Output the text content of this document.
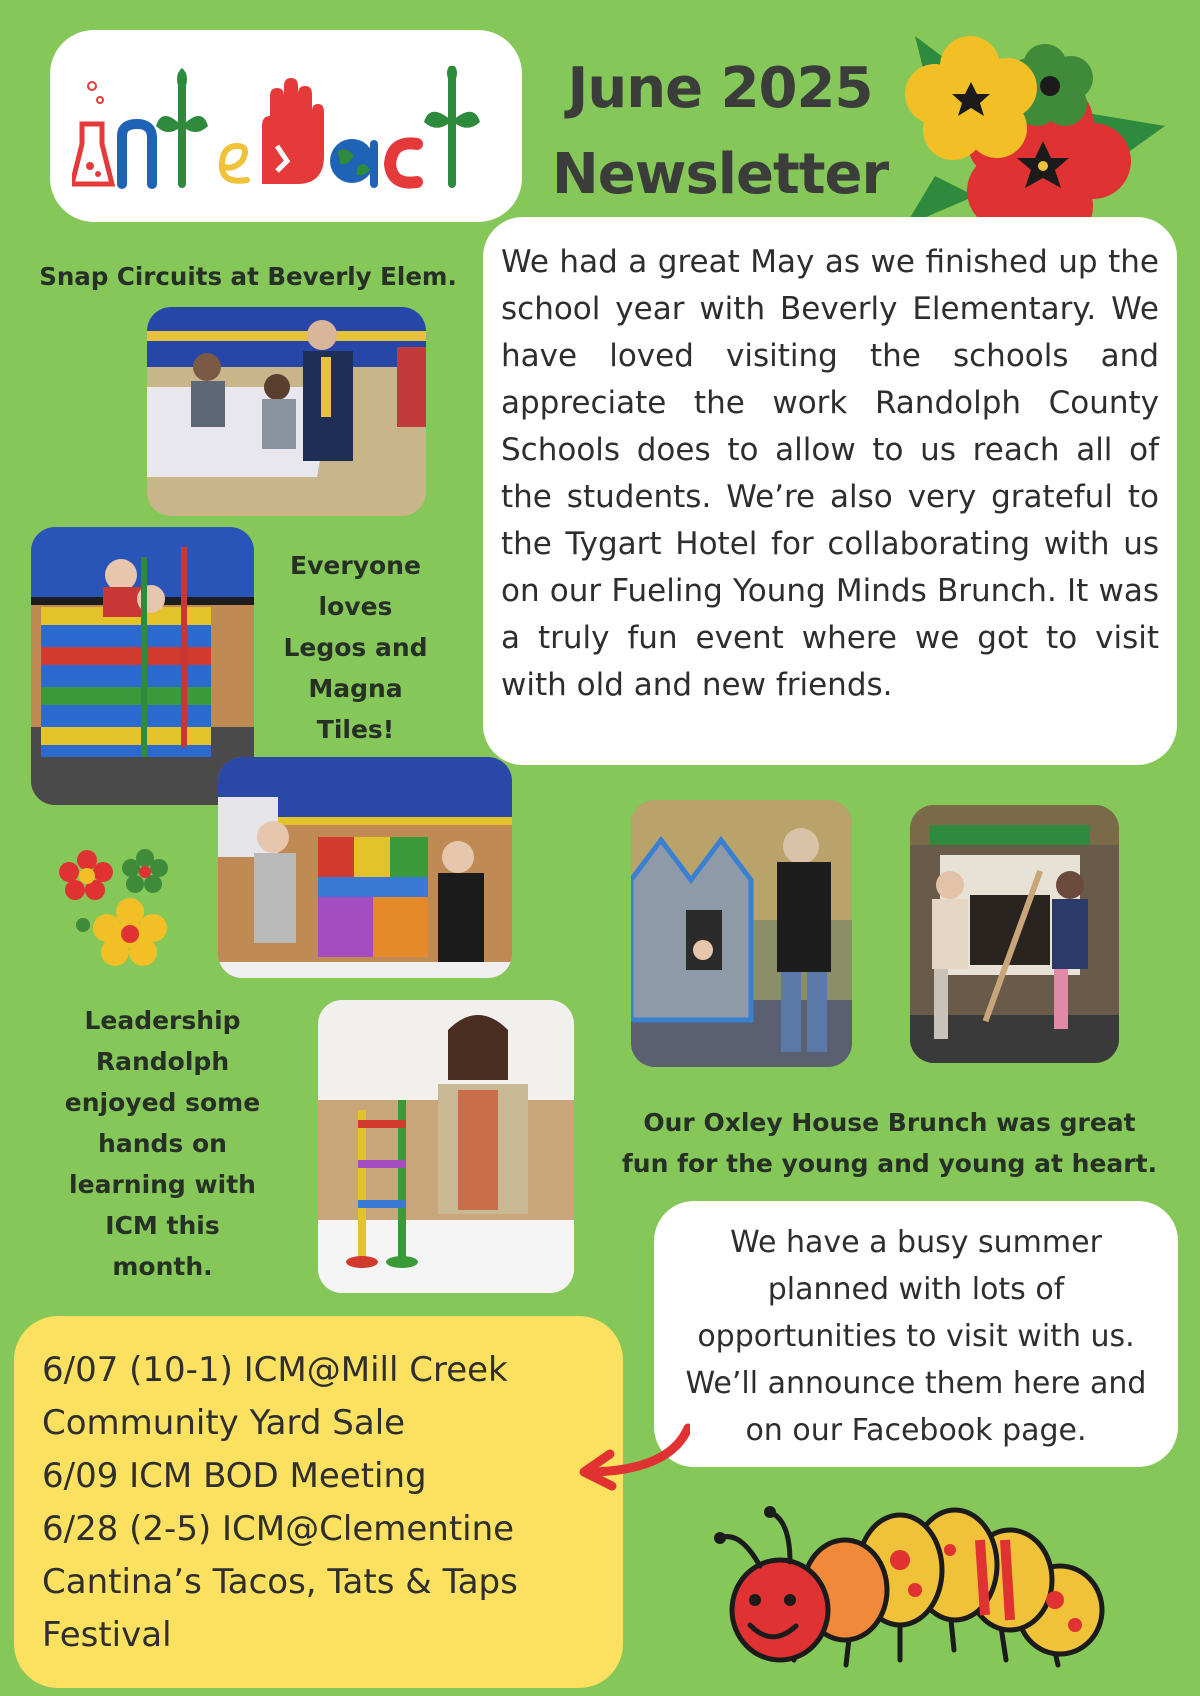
June 2025
Newsletter

We had a great May as we finished up the school year with Beverly Elementary. We have loved visiting the schools and appreciate the work Randolph County Schools does to allow to us reach all of the students. We’re also very grateful to the Tygart Hotel for collaborating with us on our Fueling Young Minds Brunch. It was a truly fun event where we got to visit with old and new friends.

Snap Circuits at Beverly Elem.
Everyone
loves
Legos and
Magna
Tiles!
Leadership
Randolph
enjoyed some
hands on
learning with
ICM this
month.
Our Oxley House Brunch was great
fun for the young and young at heart.
We have a busy summer
planned with lots of
opportunities to visit with us.
We’ll announce them here and
on our Facebook page.
6/07 (10-1) ICM@Mill Creek
Community Yard Sale
6/09 ICM BOD Meeting
6/28 (2-5) ICM@Clementine
Cantina’s Tacos, Tats & Taps
Festival
